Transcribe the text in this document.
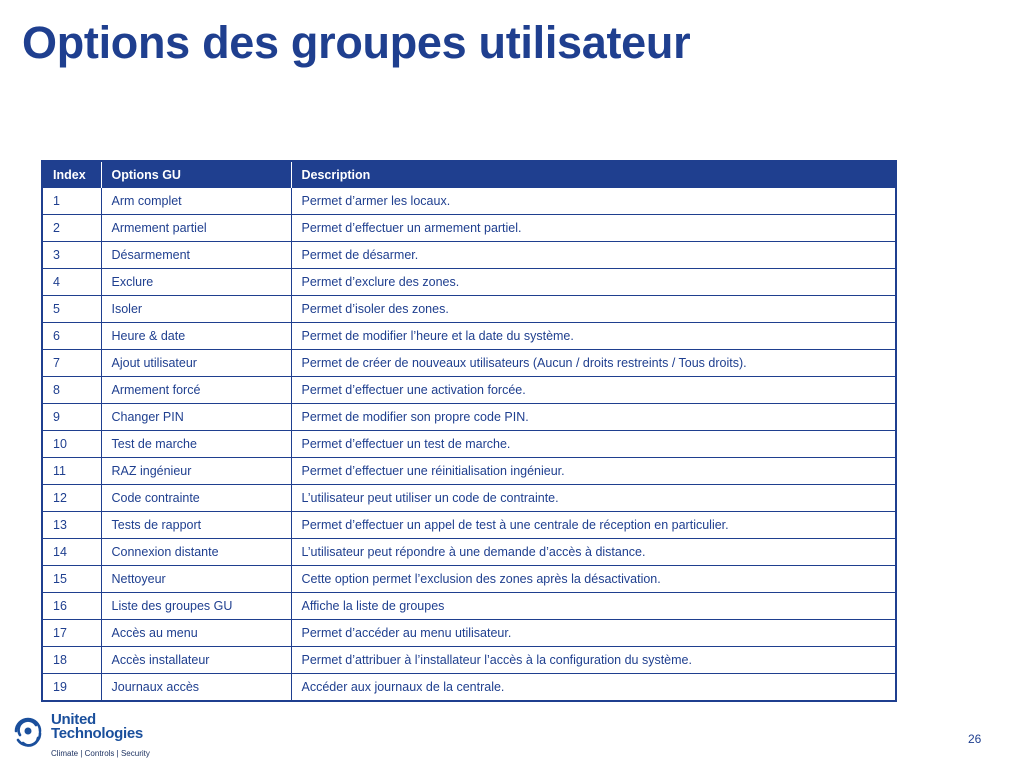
Options des groupes utilisateur
Index	Options GU	Description
1	Arm complet	Permet d’armer les locaux.
2	Armement partiel	Permet d’effectuer un armement partiel.
3	Désarmement	Permet de désarmer.
4	Exclure	Permet d’exclure des zones.
5	Isoler	Permet d’isoler des zones.
6	Heure & date	Permet de modifier l’heure et la date du système.
7	Ajout utilisateur	Permet de créer de nouveaux utilisateurs (Aucun / droits restreints / Tous droits).
8	Armement forcé	Permet d’effectuer une activation forcée.
9	Changer PIN	Permet de modifier son propre code PIN.
10	Test de marche	Permet d’effectuer un test de marche.
11	RAZ ingénieur	Permet d’effectuer une réinitialisation ingénieur.
12	Code contrainte	L’utilisateur peut utiliser un code de contrainte.
13	Tests de rapport	Permet d’effectuer un appel de test à une centrale de réception en particulier.
14	Connexion distante	L’utilisateur peut répondre à une demande d’accès à distance.
15	Nettoyeur	Cette option permet l’exclusion des zones après la désactivation.
16	Liste des groupes GU	Affiche la liste de groupes
17	Accès au menu	Permet d’accéder au menu utilisateur.
18	Accès installateur	Permet d’attribuer à l’installateur l’accès à la configuration du système.
19	Journaux accès	Accéder aux journaux de la centrale.
United
Technologies
Climate | Controls | Security
26
